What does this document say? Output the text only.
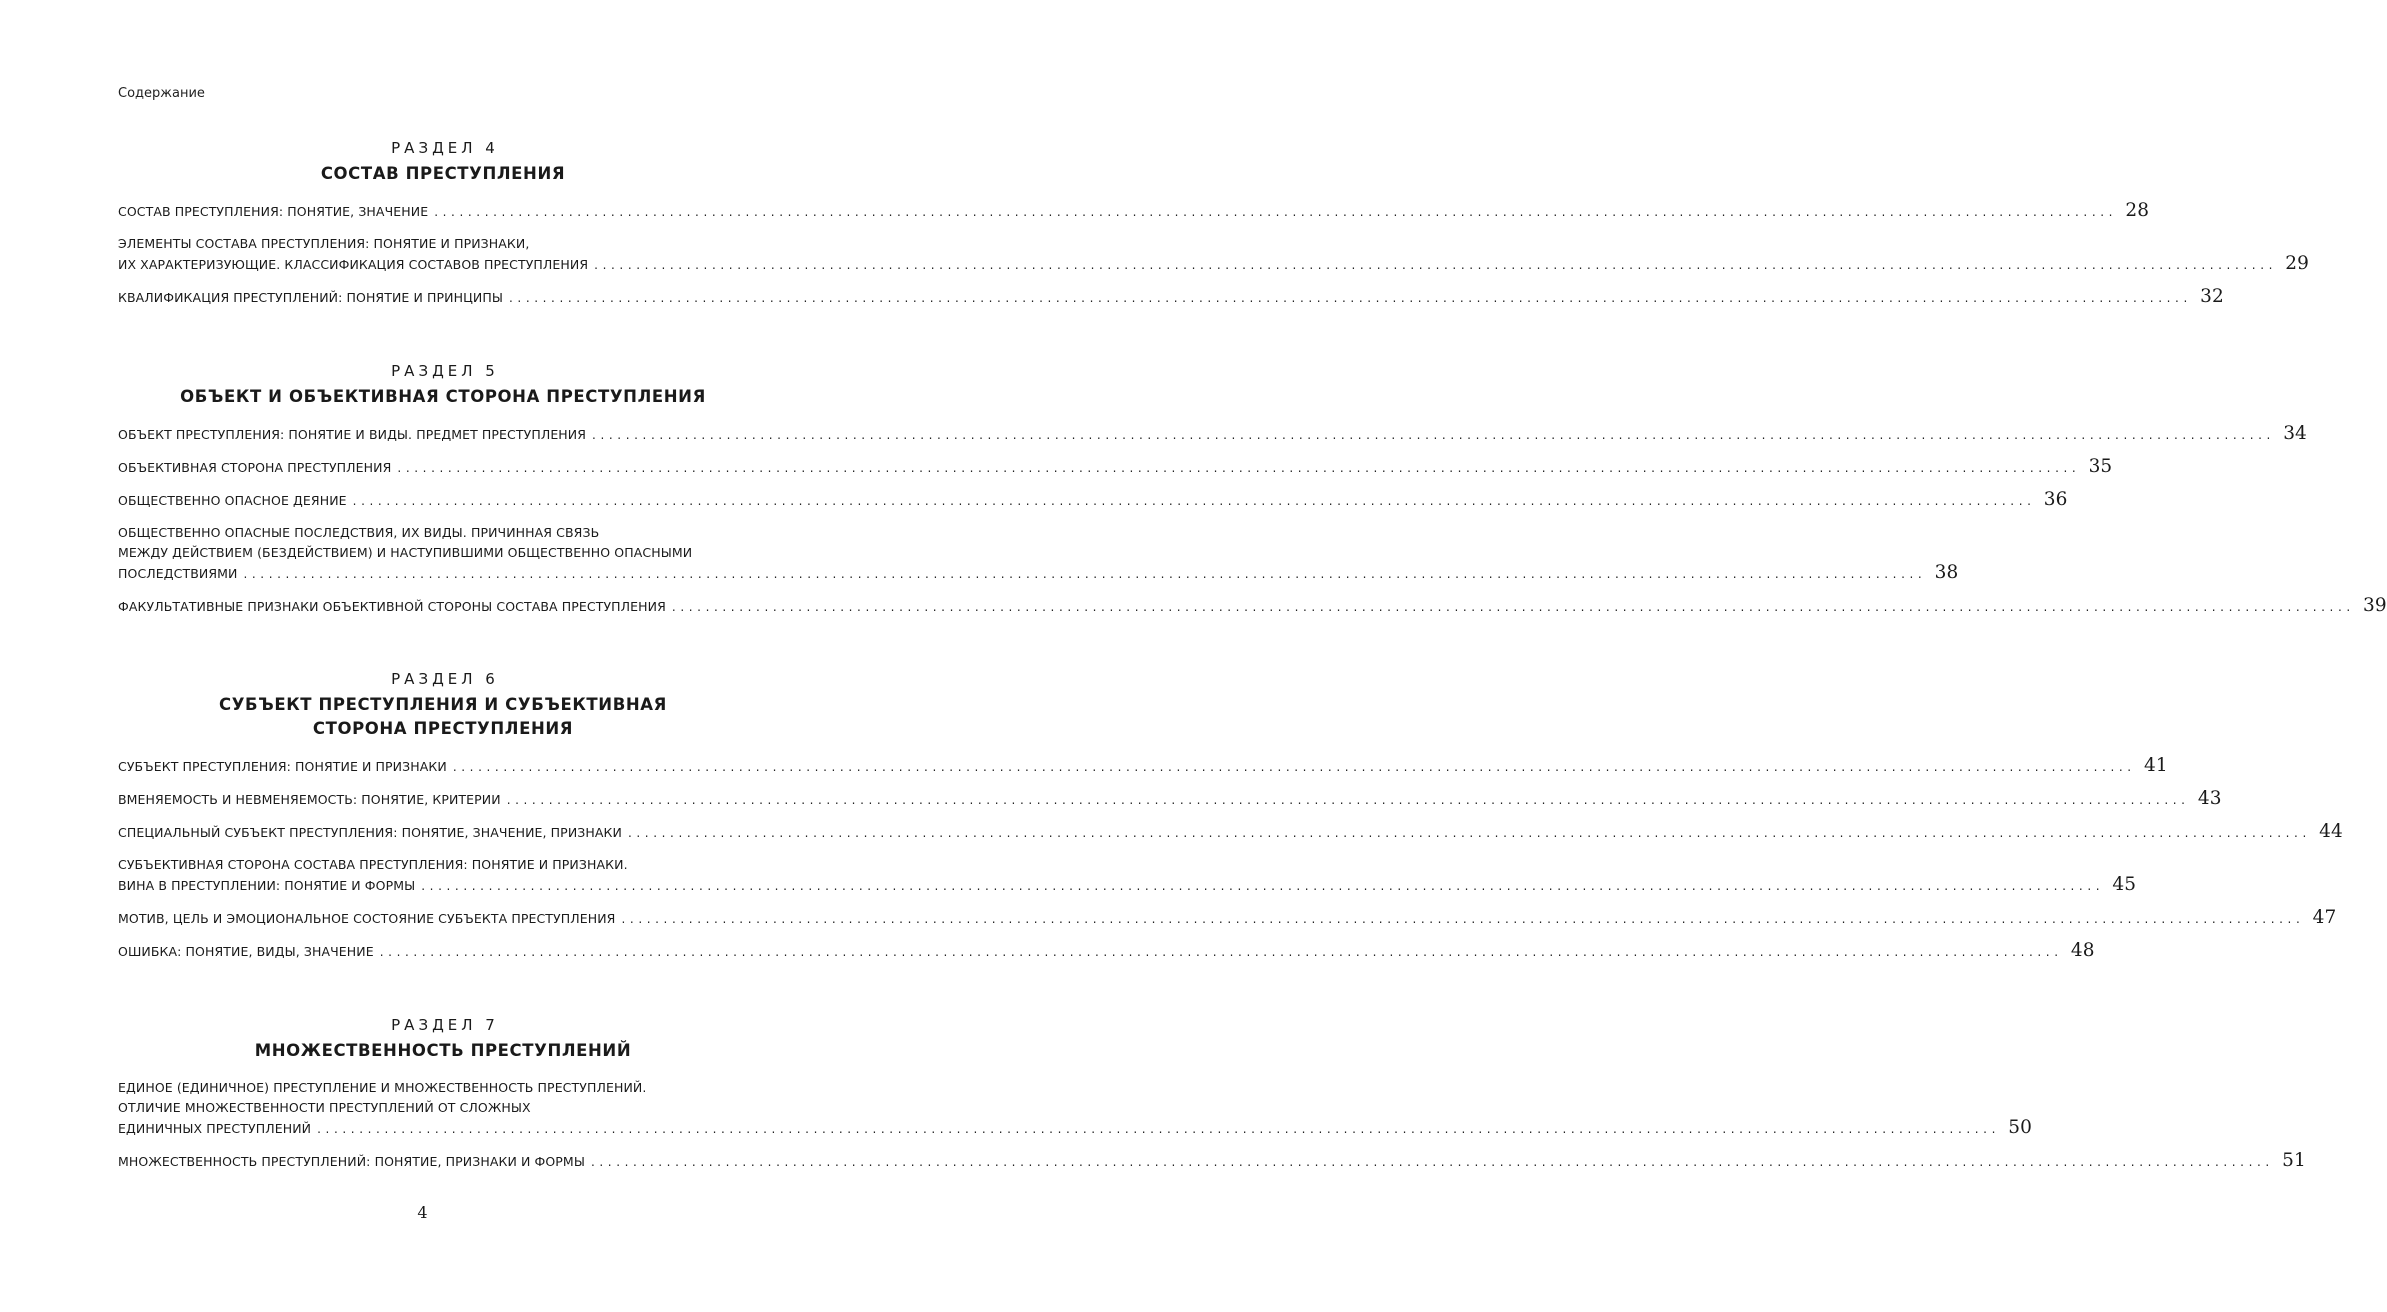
Содержание
РАЗДЕЛ 4
СОСТАВ ПРЕСТУПЛЕНИЯ
СОСТАВ ПРЕСТУПЛЕНИЯ: ПОНЯТИЕ, ЗНАЧЕНИЕ ........................................................................................................................................................................................................ 28
ЭЛЕМЕНТЫ СОСТАВА ПРЕСТУПЛЕНИЯ: ПОНЯТИЕ И ПРИЗНАКИ,
ИХ ХАРАКТЕРИЗУЮЩИЕ. КЛАССИФИКАЦИЯ СОСТАВОВ ПРЕСТУПЛЕНИЯ ........................................................................................................................................................................................................ 29
КВАЛИФИКАЦИЯ ПРЕСТУПЛЕНИЙ: ПОНЯТИЕ И ПРИНЦИПЫ ........................................................................................................................................................................................................ 32
РАЗДЕЛ 5
ОБЪЕКТ И ОБЪЕКТИВНАЯ СТОРОНА ПРЕСТУПЛЕНИЯ
ОБЪЕКТ ПРЕСТУПЛЕНИЯ: ПОНЯТИЕ И ВИДЫ. ПРЕДМЕТ ПРЕСТУПЛЕНИЯ ........................................................................................................................................................................................................ 34
ОБЪЕКТИВНАЯ СТОРОНА ПРЕСТУПЛЕНИЯ ........................................................................................................................................................................................................ 35
ОБЩЕСТВЕННО ОПАСНОЕ ДЕЯНИЕ ........................................................................................................................................................................................................ 36
ОБЩЕСТВЕННО ОПАСНЫЕ ПОСЛЕДСТВИЯ, ИХ ВИДЫ. ПРИЧИННАЯ СВЯЗЬ
МЕЖДУ ДЕЙСТВИЕМ (БЕЗДЕЙСТВИЕМ) И НАСТУПИВШИМИ ОБЩЕСТВЕННО ОПАСНЫМИ
ПОСЛЕДСТВИЯМИ ........................................................................................................................................................................................................ 38
ФАКУЛЬТАТИВНЫЕ ПРИЗНАКИ ОБЪЕКТИВНОЙ СТОРОНЫ СОСТАВА ПРЕСТУПЛЕНИЯ ........................................................................................................................................................................................................ 39
РАЗДЕЛ 6
СУБЪЕКТ ПРЕСТУПЛЕНИЯ И СУБЪЕКТИВНАЯ
СТОРОНА ПРЕСТУПЛЕНИЯ
СУБЪЕКТ ПРЕСТУПЛЕНИЯ: ПОНЯТИЕ И ПРИЗНАКИ ........................................................................................................................................................................................................ 41
ВМЕНЯЕМОСТЬ И НЕВМЕНЯЕМОСТЬ: ПОНЯТИЕ, КРИТЕРИИ ........................................................................................................................................................................................................ 43
СПЕЦИАЛЬНЫЙ СУБЪЕКТ ПРЕСТУПЛЕНИЯ: ПОНЯТИЕ, ЗНАЧЕНИЕ, ПРИЗНАКИ ........................................................................................................................................................................................................ 44
СУБЪЕКТИВНАЯ СТОРОНА СОСТАВА ПРЕСТУПЛЕНИЯ: ПОНЯТИЕ И ПРИЗНАКИ.
ВИНА В ПРЕСТУПЛЕНИИ: ПОНЯТИЕ И ФОРМЫ ........................................................................................................................................................................................................ 45
МОТИВ, ЦЕЛЬ И ЭМОЦИОНАЛЬНОЕ СОСТОЯНИЕ СУБЪЕКТА ПРЕСТУПЛЕНИЯ ........................................................................................................................................................................................................ 47
ОШИБКА: ПОНЯТИЕ, ВИДЫ, ЗНАЧЕНИЕ ........................................................................................................................................................................................................ 48
РАЗДЕЛ 7
МНОЖЕСТВЕННОСТЬ ПРЕСТУПЛЕНИЙ
ЕДИНОЕ (ЕДИНИЧНОЕ) ПРЕСТУПЛЕНИЕ И МНОЖЕСТВЕННОСТЬ ПРЕСТУПЛЕНИЙ.
ОТЛИЧИЕ МНОЖЕСТВЕННОСТИ ПРЕСТУПЛЕНИЙ ОТ СЛОЖНЫХ
ЕДИНИЧНЫХ ПРЕСТУПЛЕНИЙ ........................................................................................................................................................................................................ 50
МНОЖЕСТВЕННОСТЬ ПРЕСТУПЛЕНИЙ: ПОНЯТИЕ, ПРИЗНАКИ И ФОРМЫ ........................................................................................................................................................................................................ 51
4
